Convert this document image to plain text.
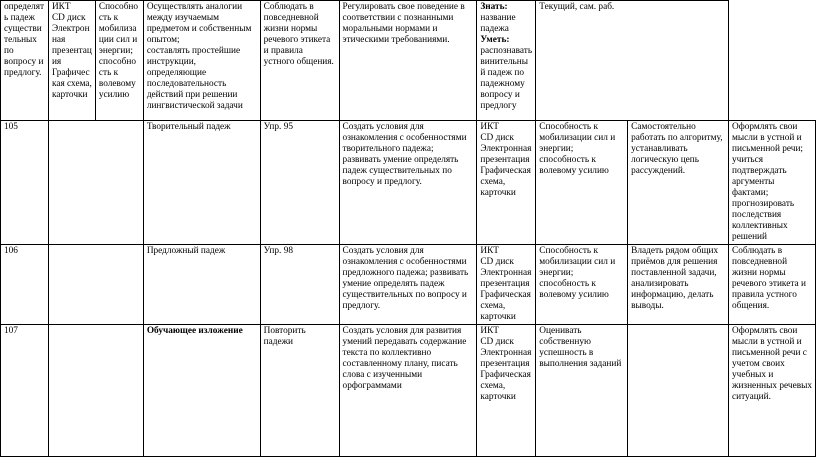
определять падеж существительных по вопросу и предлогу.	ИКТ
CD диск Электронная презентация
Графическая схема, карточки	Способность к мобилизации сил и энергии; способность к волевому усилию	Осуществлять аналогии между изучаемым предметом и собственным опытом;
составлять простейшие инструкции, определяющие последовательность действий при решении лингвистической задачи	Соблюдать в повседневной жизни нормы речевого этикета и правила устного общения.	Регулировать свое поведение в соответствии с познанными моральными нормами и этическими требованиями.	Знать:
название падежа
Уметь:
распознавать винительный падеж по падежному вопросу и предлогу	Текущий, сам. раб.		
105			Творительный падеж	Упр. 95	Создать условия для ознакомления с особенностями творительного падежа; развивать умение определять падеж существительных по вопросу и предлогу.	ИКТ
CD диск Электронная презентация
Графическая схема, карточки	Способность к мобилизации сил и энергии; способность к волевому усилию	Самостоятельно работать по алгоритму, устанавливать логическую цепь рассуждений.	Оформлять свои мысли в устной и письменной речи; учиться подтверждать аргументы фактами; прогнозировать последствия коллективных решений
106			Предложный падеж	Упр. 98	Создать условия для ознакомления с особенностями предложного падежа; развивать умение определять падеж существительных по вопросу и предлогу.	ИКТ
CD диск Электронная презентация
Графическая схема, карточки	Способность к мобилизации сил и энергии; способность к волевому усилию	Владеть рядом общих приёмов для решения поставленной задачи, анализировать информацию, делать выводы.	Соблюдать в повседневной жизни нормы речевого этикета и правила устного общения.
107			Обучающее изложение	Повторить падежи	Создать условия для развития умений передавать содержание текста по коллективно составленному плану, писать слова с изученными орфограммами	ИКТ
CD диск Электронная презентация
Графическая схема, карточки	Оценивать собственную успешность в выполнения заданий		Оформлять свои мысли в устной и письменной речи с учетом своих учебных и жизненных речевых ситуаций.
